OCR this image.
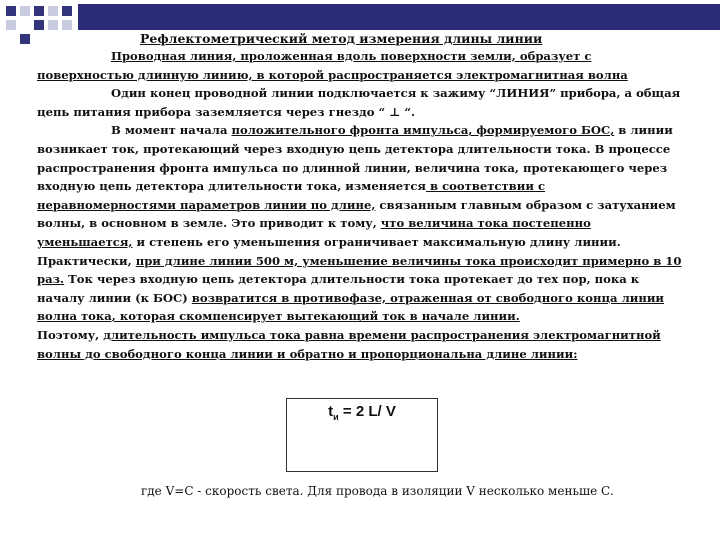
Рефлектометрический метод измерения длины линии

Проводная линия, проложенная вдоль поверхности земли, образует с поверхностью длинную линию, в которой распространяется электромагнитная волна

Один конец проводной линии подключается к зажиму “ЛИНИЯ” прибора, а общая цепь питания прибора заземляется через гнездо “ ⊥ “.

В момент начала положительного фронта импульса, формируемого БОС, в линии возникает ток, протекающий через входную цепь детектора длительности тока. В процессе распространения фронта импульса по длинной линии, величина тока, протекающего через входную цепь детектора длительности тока, изменяется в соответствии с неравномерностями параметров линии по длине, связанным главным образом с затуханием волны, в основном в земле. Это приводит к тому, что величина тока постепенно уменьшается, и степень его уменьшения ограничивает максимальную длину линии. Практически, при длине линии 500 м, уменьшение величины тока происходит примерно в 10 раз. Ток через входную цепь детектора длительности тока протекает до тех пор, пока к началу линии (к БОС) возвратится в противофазе, отраженная от свободного конца линии волна тока, которая скомпенсирует вытекающий ток в начале линии.

Поэтому, длительность импульса тока равна времени распространения электромагнитной волны до свободного конца линии и обратно и пропорциональна длине линии:

$t_и = 2$ L/ V
где V=C - скорость света. Для провода в изоляции V несколько меньше C.
